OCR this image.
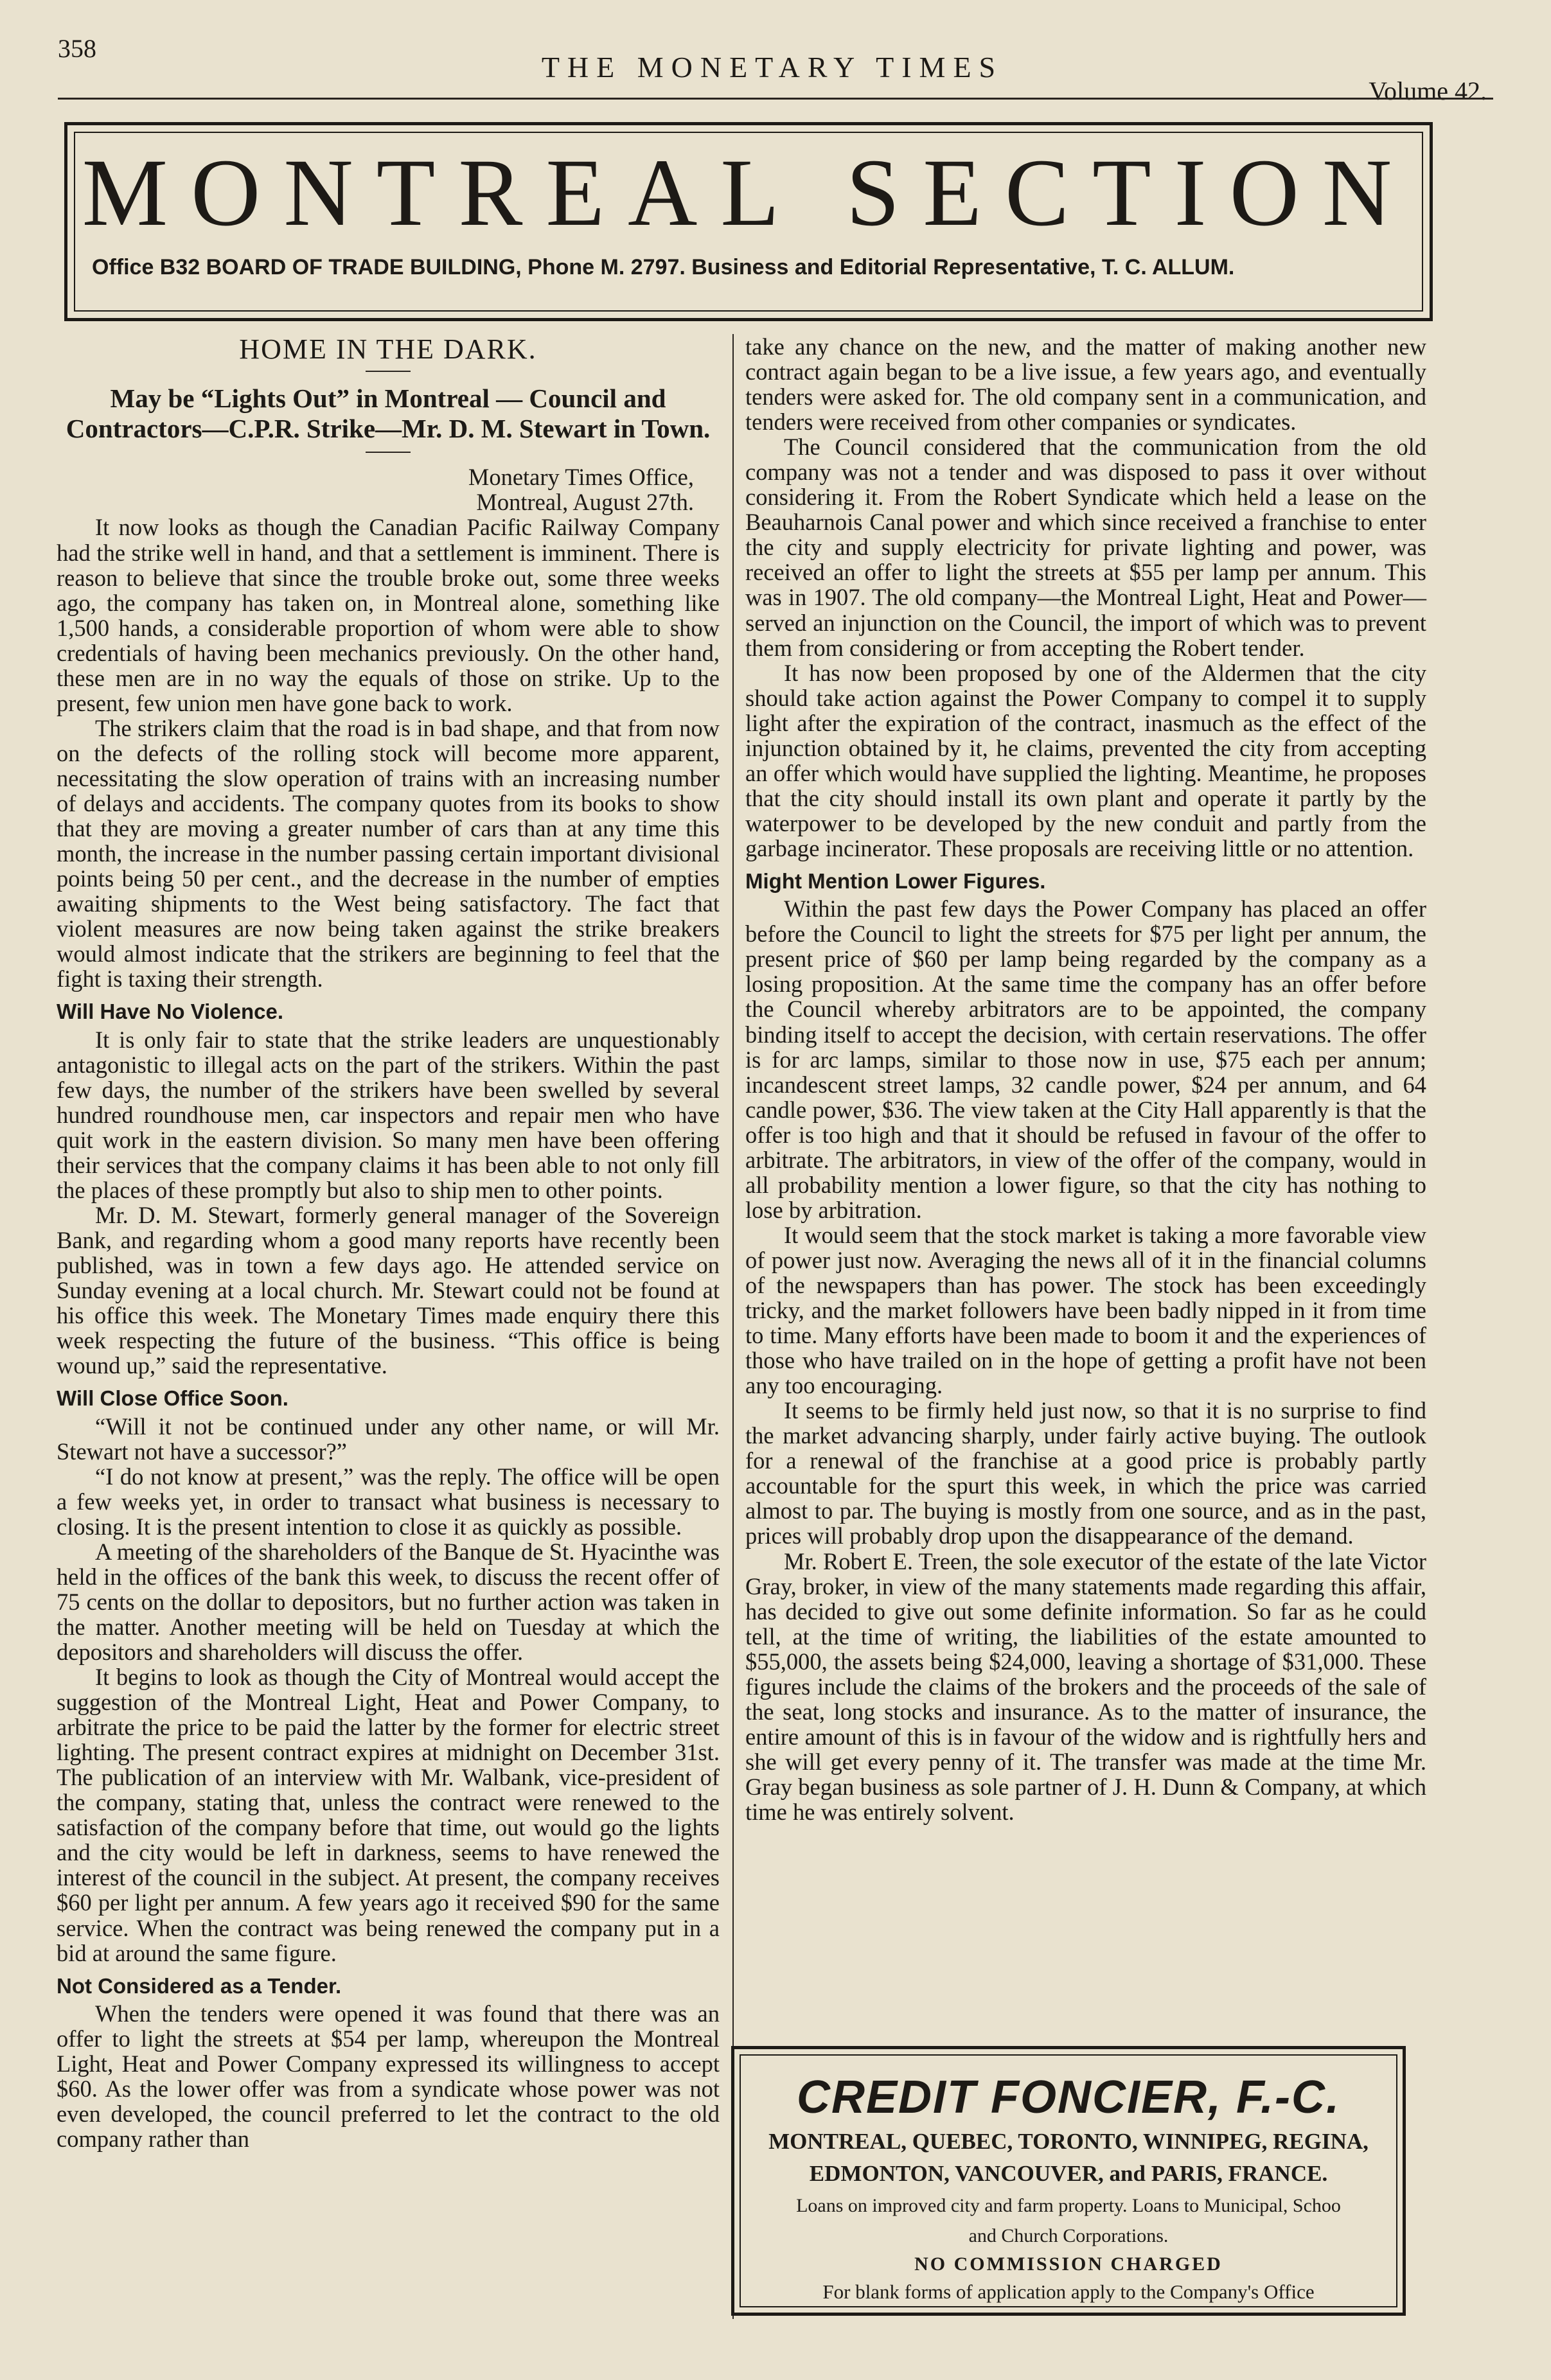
358
THE MONETARY TIMES
Volume 42.
MONTREAL SECTION
Office B32 BOARD OF TRADE BUILDING, Phone M. 2797. Business and Editorial Representative, T. C. ALLUM.
HOME IN THE DARK.
May be “Lights Out” in Montreal — Council and Contractors—C.P.R. Strike—Mr. D. M. Stewart in Town.
Monetary Times Office,
Montreal, August 27th.

It now looks as though the Canadian Pacific Railway Company had the strike well in hand, and that a settlement is imminent. There is reason to believe that since the trouble broke out, some three weeks ago, the company has taken on, in Montreal alone, something like 1,500 hands, a considerable proportion of whom were able to show credentials of having been mechanics previously. On the other hand, these men are in no way the equals of those on strike. Up to the present, few union men have gone back to work.

The strikers claim that the road is in bad shape, and that from now on the defects of the rolling stock will become more apparent, necessitating the slow operation of trains with an increasing number of delays and accidents. The company quotes from its books to show that they are moving a greater number of cars than at any time this month, the increase in the number passing certain important divisional points being 50 per cent., and the decrease in the number of empties awaiting shipments to the West being satisfactory. The fact that violent measures are now being taken against the strike breakers would almost indicate that the strikers are beginning to feel that the fight is taxing their strength.

Will Have No Violence.

It is only fair to state that the strike leaders are unquestionably antagonistic to illegal acts on the part of the strikers. Within the past few days, the number of the strikers have been swelled by several hundred roundhouse men, car inspectors and repair men who have quit work in the eastern division. So many men have been offering their services that the company claims it has been able to not only fill the places of these promptly but also to ship men to other points.

Mr. D. M. Stewart, formerly general manager of the Sovereign Bank, and regarding whom a good many reports have recently been published, was in town a few days ago. He attended service on Sunday evening at a local church. Mr. Stewart could not be found at his office this week. The Monetary Times made enquiry there this week respecting the future of the business. “This office is being wound up,” said the representative.

Will Close Office Soon.

“Will it not be continued under any other name, or will Mr. Stewart not have a successor?”

“I do not know at present,” was the reply. The office will be open a few weeks yet, in order to transact what business is necessary to closing. It is the present intention to close it as quickly as possible.

A meeting of the shareholders of the Banque de St. Hyacinthe was held in the offices of the bank this week, to discuss the recent offer of 75 cents on the dollar to depositors, but no further action was taken in the matter. Another meeting will be held on Tuesday at which the depositors and shareholders will discuss the offer.

It begins to look as though the City of Montreal would accept the suggestion of the Montreal Light, Heat and Power Company, to arbitrate the price to be paid the latter by the former for electric street lighting. The present contract expires at midnight on December 31st. The publication of an interview with Mr. Walbank, vice-president of the company, stating that, unless the contract were renewed to the satisfaction of the company before that time, out would go the lights and the city would be left in darkness, seems to have renewed the interest of the council in the subject. At present, the company receives $60 per light per annum. A few years ago it received $90 for the same service. When the contract was being renewed the company put in a bid at around the same figure.

Not Considered as a Tender.

When the tenders were opened it was found that there was an offer to light the streets at $54 per lamp, whereupon the Montreal Light, Heat and Power Company expressed its willingness to accept $60. As the lower offer was from a syndicate whose power was not even developed, the council preferred to let the contract to the old company rather than

take any chance on the new, and the matter of making another new contract again began to be a live issue, a few years ago, and eventually tenders were asked for. The old company sent in a communication, and tenders were received from other companies or syndicates.

The Council considered that the communication from the old company was not a tender and was disposed to pass it over without considering it. From the Robert Syndicate which held a lease on the Beauharnois Canal power and which since received a franchise to enter the city and supply electricity for private lighting and power, was received an offer to light the streets at $55 per lamp per annum. This was in 1907. The old company—the Montreal Light, Heat and Power—served an injunction on the Council, the import of which was to prevent them from considering or from accepting the Robert tender.

It has now been proposed by one of the Aldermen that the city should take action against the Power Company to compel it to supply light after the expiration of the contract, inasmuch as the effect of the injunction obtained by it, he claims, prevented the city from accepting an offer which would have supplied the lighting. Meantime, he proposes that the city should install its own plant and operate it partly by the waterpower to be developed by the new conduit and partly from the garbage incinerator. These proposals are receiving little or no attention.

Might Mention Lower Figures.

Within the past few days the Power Company has placed an offer before the Council to light the streets for $75 per light per annum, the present price of $60 per lamp being regarded by the company as a losing proposition. At the same time the company has an offer before the Council whereby arbitrators are to be appointed, the company binding itself to accept the decision, with certain reservations. The offer is for arc lamps, similar to those now in use, $75 each per annum; incandescent street lamps, 32 candle power, $24 per annum, and 64 candle power, $36. The view taken at the City Hall apparently is that the offer is too high and that it should be refused in favour of the offer to arbitrate. The arbitrators, in view of the offer of the company, would in all probability mention a lower figure, so that the city has nothing to lose by arbitration.

It would seem that the stock market is taking a more favorable view of power just now. Averaging the news all of it in the financial columns of the newspapers than has power. The stock has been exceedingly tricky, and the market followers have been badly nipped in it from time to time. Many efforts have been made to boom it and the experiences of those who have trailed on in the hope of getting a profit have not been any too encouraging.

It seems to be firmly held just now, so that it is no surprise to find the market advancing sharply, under fairly active buying. The outlook for a renewal of the franchise at a good price is probably partly accountable for the spurt this week, in which the price was carried almost to par. The buying is mostly from one source, and as in the past, prices will probably drop upon the disappearance of the demand.

Mr. Robert E. Treen, the sole executor of the estate of the late Victor Gray, broker, in view of the many statements made regarding this affair, has decided to give out some definite information. So far as he could tell, at the time of writing, the liabilities of the estate amounted to $55,000, the assets being $24,000, leaving a shortage of $31,000. These figures include the claims of the brokers and the proceeds of the sale of the seat, long stocks and insurance. As to the matter of insurance, the entire amount of this is in favour of the widow and is rightfully hers and she will get every penny of it. The transfer was made at the time Mr. Gray began business as sole partner of J. H. Dunn & Company, at which time he was entirely solvent.

CREDIT FONCIER, F.-C.
MONTREAL, QUEBEC, TORONTO, WINNIPEG, REGINA,
EDMONTON, VANCOUVER, and PARIS, FRANCE.
Loans on improved city and farm property. Loans to Municipal, Schoo
and Church Corporations.
NO COMMISSION CHARGED
For blank forms of application apply to the Company's Office
